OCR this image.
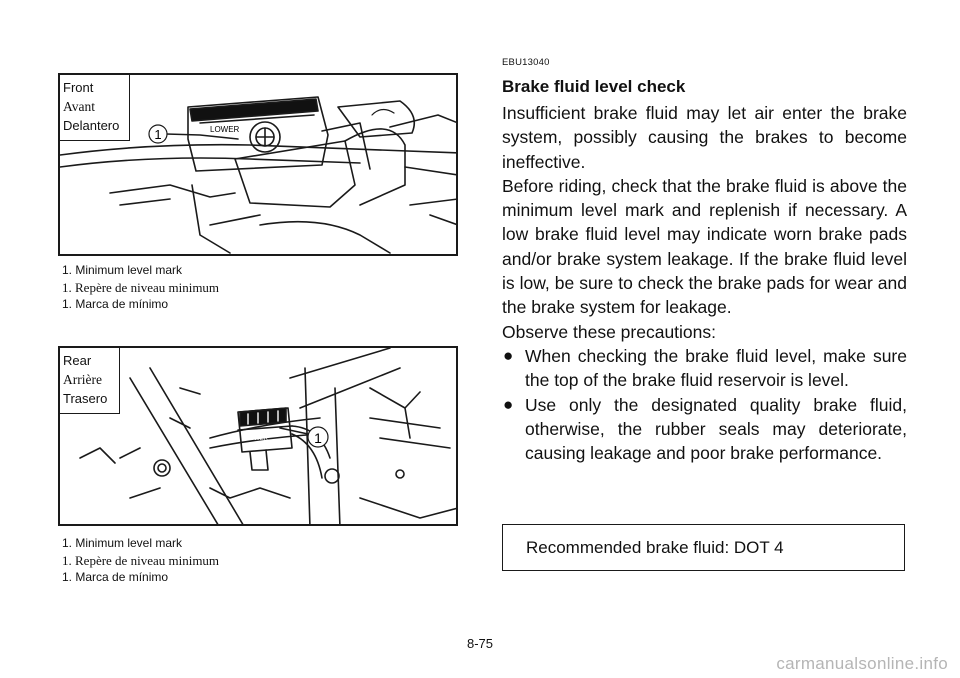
1	LOWER
Front
Avant
Delantero
1. Minimum level mark
1. Repère de niveau minimum
1. Marca de mínimo
1
LOWER
Rear
Arrière
Trasero
1. Minimum level mark
1. Repère de niveau minimum
1. Marca de mínimo
EBU13040
Brake fluid level check

Insufficient brake fluid may let air enter the brake system, possibly causing the brakes to become ineffective.

Before riding, check that the brake fluid is above the minimum level mark and replenish if necessary. A low brake fluid level may indicate worn brake pads and/or brake system leakage. If the brake fluid level is low, be sure to check the brake pads for wear and the brake system for leakage.

Observe these precautions:

● When checking the brake fluid level, make sure the top of the brake fluid reservoir is level.
● Use only the designated quality brake fluid, otherwise, the rubber seals may deteriorate, causing leakage and poor brake performance.
Recommended brake fluid: DOT 4
8-75
carmanualsonline.info
